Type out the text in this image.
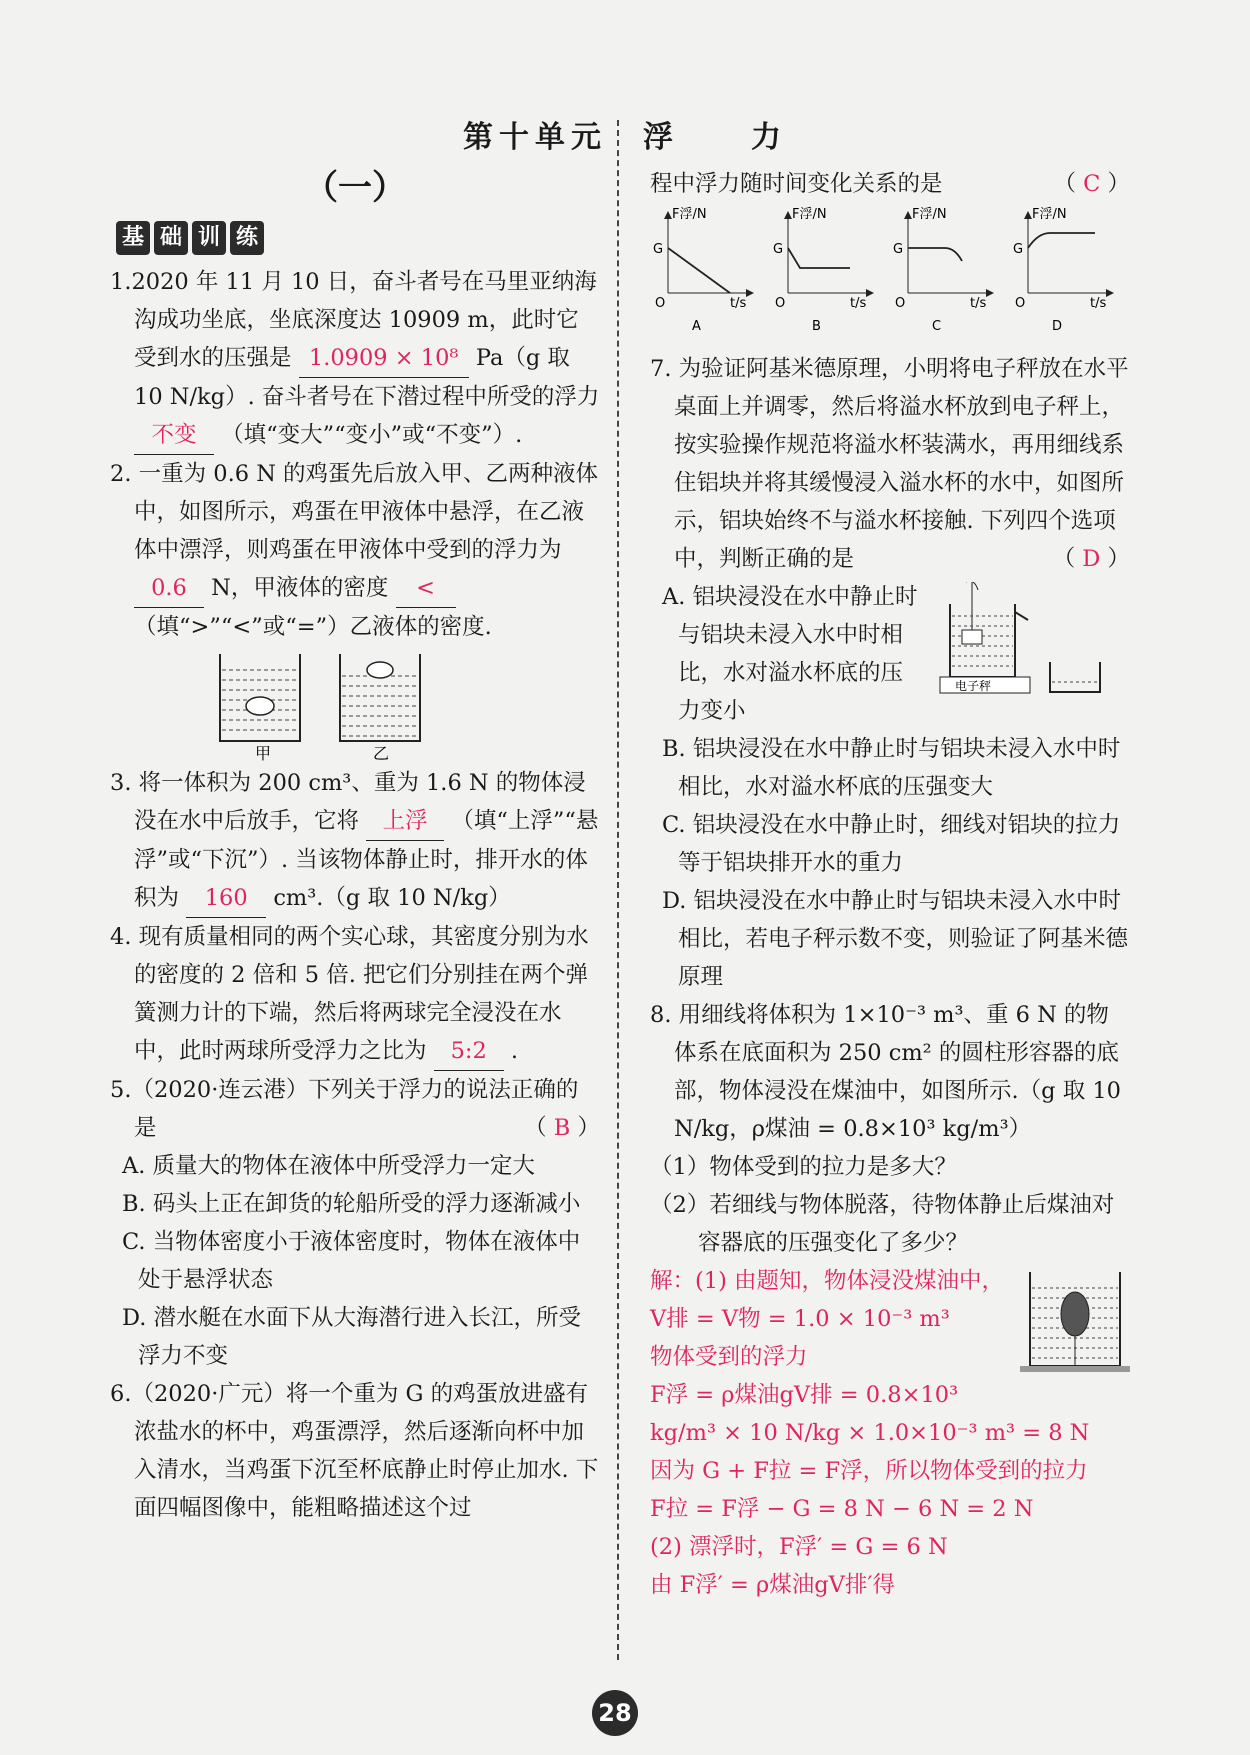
第十单元　浮　　力
（一）
基 础 训 练

1.2020 年 11 月 10 日，奋斗者号在马里亚纳海沟成功坐底，坐底深度达 10909 m，此时它受到水的压强是 1.0909 × 10⁸ Pa（g 取 10 N/kg）. 奋斗者号在下潜过程中所受的浮力 不变 （填“变大”“变小”或“不变”）.

2. 一重为 0.6 N 的鸡蛋先后放入甲、乙两种液体中，如图所示，鸡蛋在甲液体中悬浮，在乙液体中漂浮，则鸡蛋在甲液体中受到的浮力为 0.6 N，甲液体的密度 < （填“>”“<”或“=”）乙液体的密度.

甲	乙

3. 将一体积为 200 cm³、重为 1.6 N 的物体浸没在水中后放手，它将 上浮 （填“上浮”“悬浮”或“下沉”）. 当该物体静止时，排开水的体积为 160 cm³.（g 取 10 N/kg）

4. 现有质量相同的两个实心球，其密度分别为水的密度的 2 倍和 5 倍. 把它们分别挂在两个弹簧测力计的下端，然后将两球完全浸没在水中，此时两球所受浮力之比为 5:2 .

5.（2020·连云港）下列关于浮力的说法正确的是	（ B ）

A. 质量大的物体在液体中所受浮力一定大

B. 码头上正在卸货的轮船所受的浮力逐渐减小

C. 当物体密度小于液体密度时，物体在液体中处于悬浮状态

D. 潜水艇在水面下从大海潜行进入长江，所受浮力不变

6.（2020·广元）将一个重为 G 的鸡蛋放进盛有浓盐水的杯中，鸡蛋漂浮，然后逐渐向杯中加入清水，当鸡蛋下沉至杯底静止时停止加水. 下面四幅图像中，能粗略描述这个过

程中浮力随时间变化关系的是	（ C ）

F浮/N
G
O	t/s
A
F浮/N
G
O	t/s
B
F浮/N
G
O	t/s
C
F浮/N
G
O	t/s
D

7. 为验证阿基米德原理，小明将电子秤放在水平桌面上并调零，然后将溢水杯放到电子秤上，按实验操作规范将溢水杯装满水，再用细线系住铝块并将其缓慢浸入溢水杯的水中，如图所示，铝块始终不与溢水杯接触. 下列四个选项中，判断正确的是	（ D ）

电子秤

A. 铝块浸没在水中静止时与铝块未浸入水中时相比，水对溢水杯底的压力变小

B. 铝块浸没在水中静止时与铝块未浸入水中时相比，水对溢水杯底的压强变大

C. 铝块浸没在水中静止时，细线对铝块的拉力等于铝块排开水的重力

D. 铝块浸没在水中静止时与铝块未浸入水中时相比，若电子秤示数不变，则验证了阿基米德原理

8. 用细线将体积为 1×10⁻³ m³、重 6 N 的物体系在底面积为 250 cm² 的圆柱形容器的底部，物体浸没在煤油中，如图所示.（g 取 10 N/kg，ρ煤油 = 0.8×10³ kg/m³）

（1）物体受到的拉力是多大？

（2）若细线与物体脱落，待物体静止后煤油对容器底的压强变化了多少？

解：(1) 由题知，物体浸没煤油中，V排 = V物 = 1.0 × 10⁻³ m³

物体受到的浮力

F浮 = ρ煤油gV排 = 0.8×10³ kg/m³ × 10 N/kg × 1.0×10⁻³ m³ = 8 N

因为 G + F拉 = F浮，所以物体受到的拉力

F拉 = F浮 − G = 8 N − 6 N = 2 N

(2) 漂浮时，F浮′ = G = 6 N

由 F浮′ = ρ煤油gV排′得

28
